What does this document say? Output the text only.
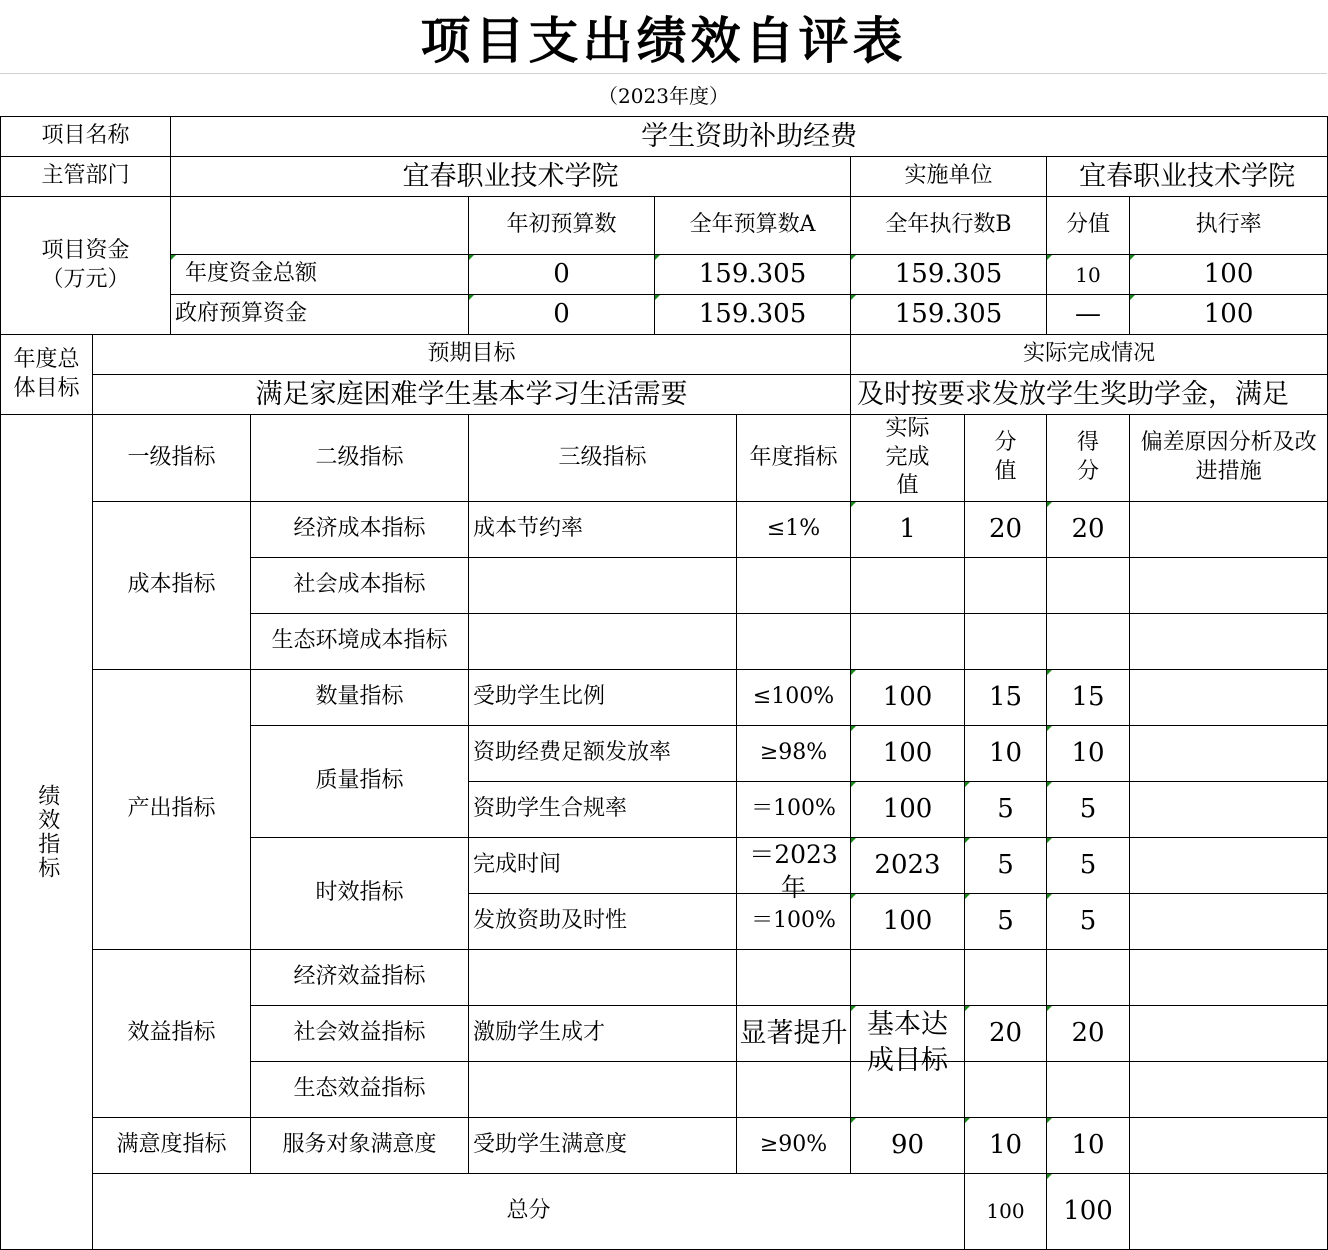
项目支出绩效自评表
（2023年度）
项目名称		学生资助补助经费									
主管部门		宜春职业技术学院					实施单位		宜春职业技术学院		
项目资金
（万元）				年初预算数	全年预算数A		全年执行数B		分值	执行率	
		年度资金总额		0	159.305		159.305		10	100	
		政府预算资金		0	159.305		159.305		—	100	

年度总体目标	预期目标						实际完成情况				
	满足家庭困难学生基本学习生活需要						及时按要求发放学生奖助学金，满足				

绩效指标	一级指标		二级指标	三级指标		年度指标	实际完成值	分值	得分	偏差原因分析及改进措施	
	成本指标		经济成本指标	成本节约率		≤1%	1	20	20		
			社会成本指标								
			生态环境成本指标								
	产出指标		数量指标	受助学生比例		≤100%	100	15	15		
			质量指标	资助经费足额发放率		≥98%	100	10	10		
				资助学生合规率		＝100%	100	5	5		
			时效指标	完成时间		＝2023年	2023	5	5		
				发放资助及时性		＝100%	100	5	5		
	效益指标		经济效益指标								
			社会效益指标	激励学生成才		显著提升	基本达成目标	20	20		
			生态效益指标								
	满意度指标		服务对象满意度	受助学生满意度		≥90%	90	10	10		
	总分							100	100		
